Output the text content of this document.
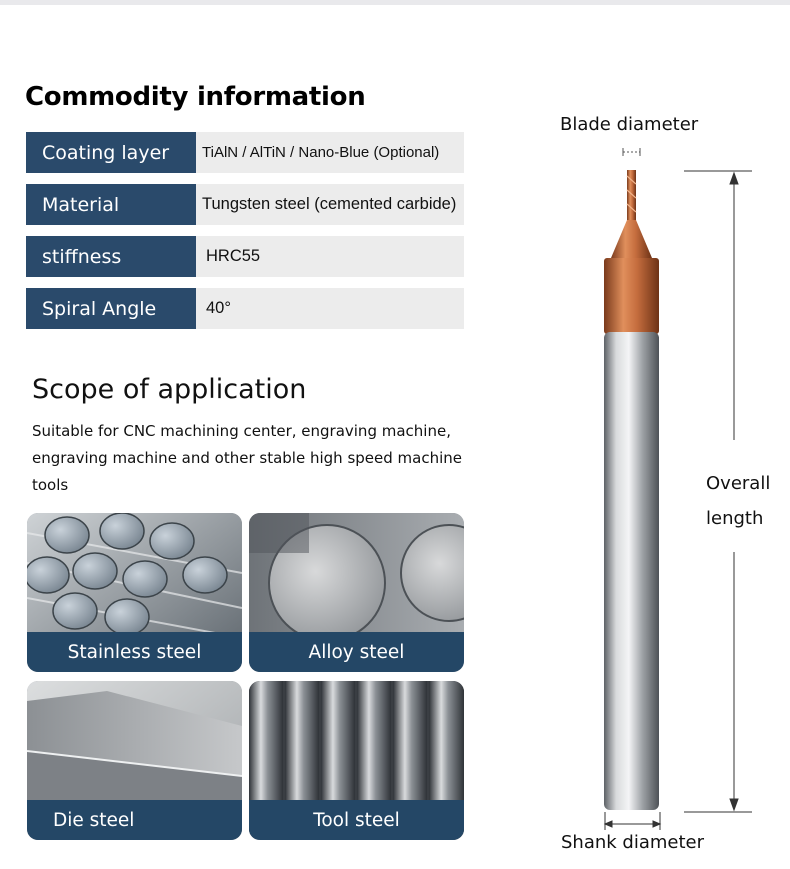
Commodity information
Coating layer	TiAlN / AlTiN / Nano-Blue (Optional)
Material	Tungsten steel (cemented carbide)
stiffness	HRC55
Spiral Angle	40°
Scope of application

Suitable for CNC machining center, engraving machine, engraving machine and other stable high speed machine tools

Stainless steel	Alloy steel
Die steel	Tool steel
Blade diameter
Overall length
Shank diameter
